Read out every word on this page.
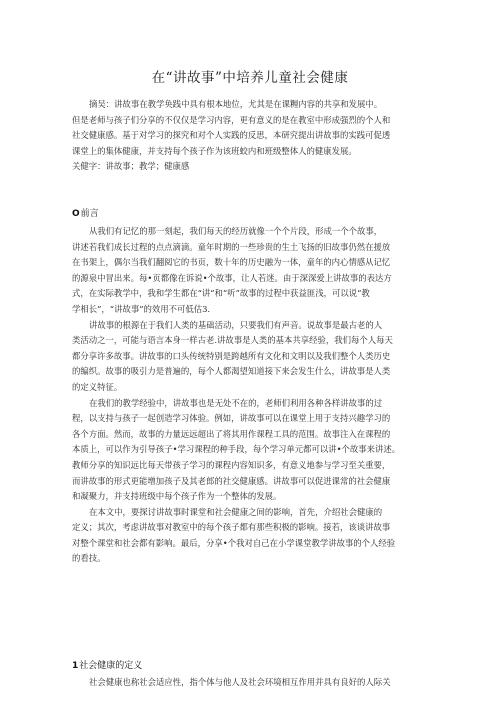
在“讲故事”中培养儿童社会健康
摘吴：讲故事在教学奂践中具有根本地位，尤其是在课糎内容的共享和发展中。
但是老师与孩子们分享的不仅仅是学习内容，更有意义的是在教室中形成强烈的个人和
社交健康感。基于对学习的探究和对个人实践的反思，本研究提出讲故事的实践可促透
课堂上的集体健康，并支持每个孩子作为该班蛟内和班级整体人的健康发展。
关健字：讲故事；教学；健康感
O前言
从我们有记忆的那一刻起，我们每天的经历就像一个个片段，形成一个个故事，
讲述若我们成长过程的点点滴滴。童年时期的一些珍贵的生土飞扬的旧故事仍然在援放
在书架上，偶尔当我们翻阅它的书页，数十年的历史融为一体，童年的内心情感从记忆
的源泉中冒出来。每•页都像在诉说•个故事，让人若迷。由于深深爱上讲故事的表达方
式，在实际教学中，我和学生都在“讲”和“听”故事的过程中获益匪浅，可以说“教
学相长”，“讲故事”的效用不可低估3.
讲故事的根源在于我们人类的基础活动，只要我们有声音。说故事是最古老的人
类活动之一，可能与语言本身一样古老.讲故事是人类的基本共享经验，我们每个人每天
都分享许多故事。讲故事的口头传统特别是跨越所有文化和文明以及我们整个人类历史
的编织。故事的吸引力是普遍的，每个人都渴望知道接下来会发生什么，讲故事是人类
的定义特征。
在我们的教学经验中，讲故事也是无处不在的，老师们利用各种各样讲故事的过
程，以支持与孩子一起创造学习体验。例如，讲故事可以在课堂上用于支持兴趣学习的
各个方面。然而，故事的力量远远超出了将其用作课程工具的范围。故事注入在课程的
本质上，可以作为引导孩子•学习课程的种手段，每个学习单元都可以讲•个故事来讲述。
教师分享的知识远比每天带孩子学习的课程内容知识多，有意义地参与学习至关重要，
而讲故事的形式更能增加孩子及其老郎的社交健康感。讲故事可以促进课常的社会健康
和凝聚力，并支持班级中每个孩子作为一个整体的发展。
在本文中，要探讨讲故事时课堂和社会健康之间的影响，首先，介绍社会健康的
定义；其次，考虑讲故事对教室中的每个孩子都有那些积极的影响。接若，该谈讲故事
对整个课堂和社会都有影响。最后，分享•个我对自己在小学课堂教学讲故事的个人经验
的看技。
1社会健康的定义
社会健康也称社会适应性，指个体与他人及社会环境相互作用并具有良好的人际关
